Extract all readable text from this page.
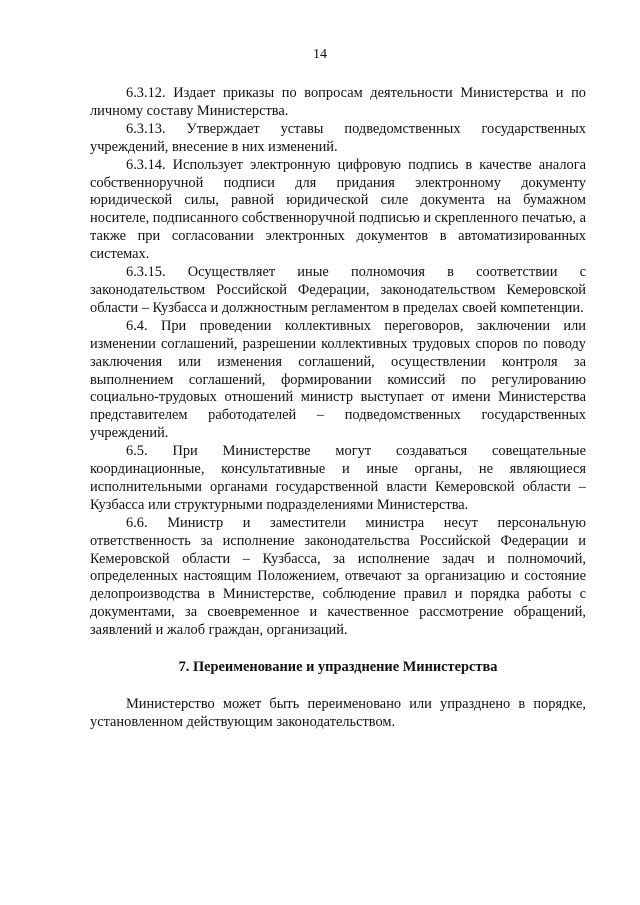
14

6.3.12. Издает приказы по вопросам деятельности Министерства и по личному составу Министерства.

6.3.13. Утверждает уставы подведомственных государственных учреждений, внесение в них изменений.

6.3.14. Использует электронную цифровую подпись в качестве аналога собственноручной подписи для придания электронному документу юридической силы, равной юридической силе документа на бумажном носителе, подписанного собственноручной подписью и скрепленного печатью, а также при согласовании электронных документов в автоматизированных системах.

6.3.15. Осуществляет иные полномочия в соответствии с законодательством Российской Федерации, законодательством Кемеровской области – Кузбасса и должностным регламентом в пределах своей компетенции.

6.4. При проведении коллективных переговоров, заключении или изменении соглашений, разрешении коллективных трудовых споров по поводу заключения или изменения соглашений, осуществлении контроля за выполнением соглашений, формировании комиссий по регулированию социально-трудовых отношений министр выступает от имени Министерства представителем работодателей – подведомственных государственных учреждений.

6.5. При Министерстве могут создаваться совещательные координационные, консультативные и иные органы, не являющиеся исполнительными органами государственной власти Кемеровской области – Кузбасса или структурными подразделениями Министерства.

6.6. Министр и заместители министра несут персональную ответственность за исполнение законодательства Российской Федерации и Кемеровской области – Кузбасса, за исполнение задач и полномочий, определенных настоящим Положением, отвечают за организацию и состояние делопроизводства в Министерстве, соблюдение правил и порядка работы с документами, за своевременное и качественное рассмотрение обращений, заявлений и жалоб граждан, организаций.

7. Переименование и упразднение Министерства

Министерство может быть переименовано или упразднено в порядке, установленном действующим законодательством.
